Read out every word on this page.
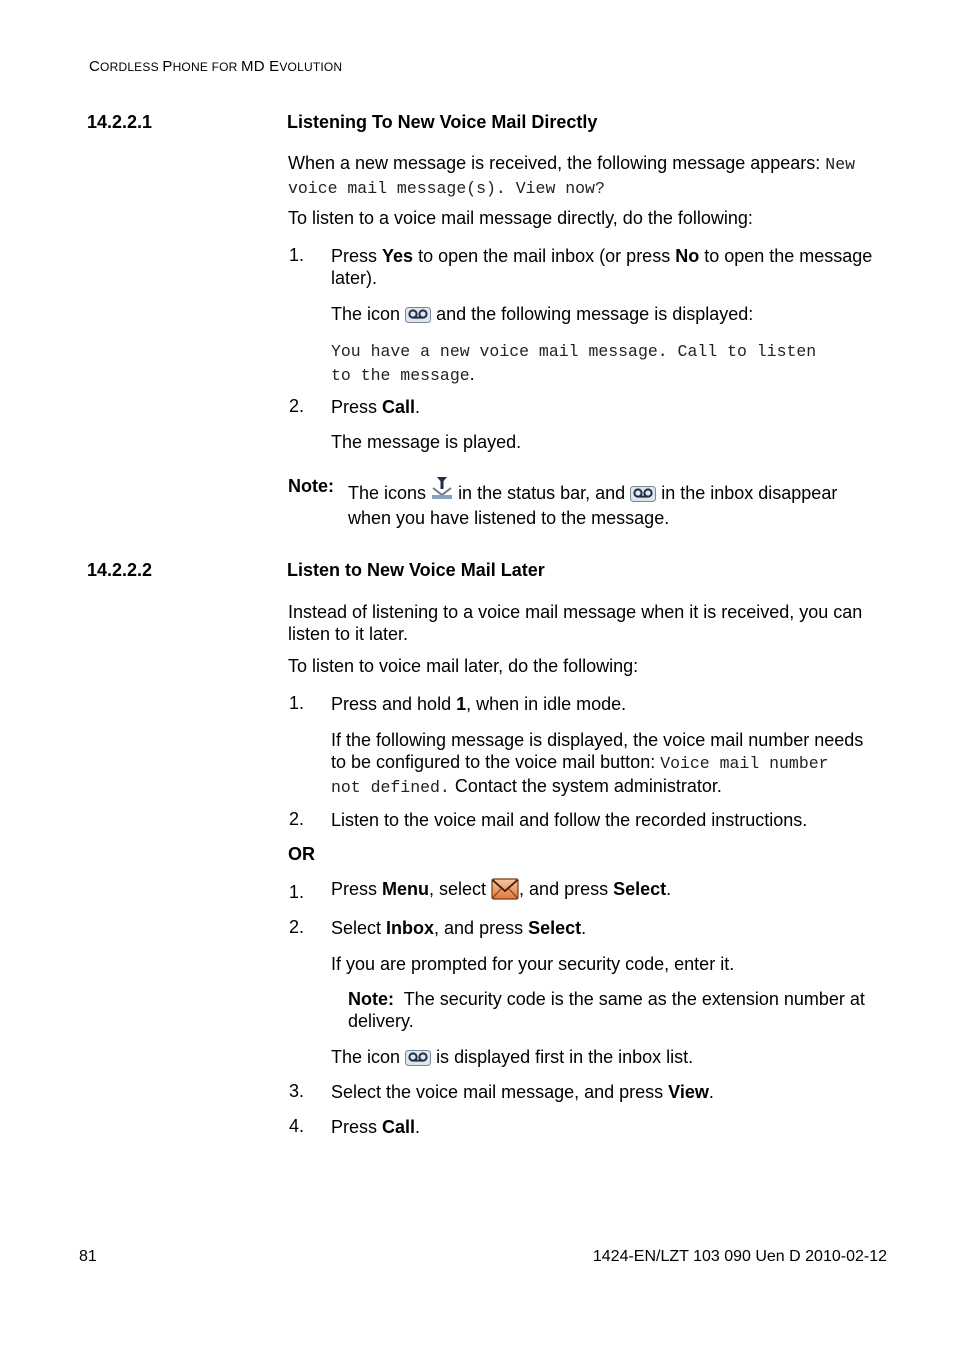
CORDLESS PHONE FOR MD EVOLUTION
14.2.2.1	Listening To New Voice Mail Directly
When a new message is received, the following message appears: New
voice mail message(s). View now?
To listen to a voice mail message directly, do the following:
1. Press Yes to open the mail inbox (or press No to open the message
later).
The icon  and the following message is displayed:
You have a new voice mail message. Call to listen
to the message.
2. Press Call.
The message is played.
Note: The icons  in the status bar, and  in the inbox disappear
when you have listened to the message.
14.2.2.2	Listen to New Voice Mail Later
Instead of listening to a voice mail message when it is received, you can
listen to it later.
To listen to voice mail later, do the following:
1. Press and hold 1, when in idle mode.
If the following message is displayed, the voice mail number needs
to be configured to the voice mail button: Voice mail number
not defined. Contact the system administrator.
2. Listen to the voice mail and follow the recorded instructions.
OR
1. Press Menu, select , and press Select.
2. Select Inbox, and press Select.
If you are prompted for your security code, enter it.
Note: The security code is the same as the extension number at
delivery.
The icon  is displayed first in the inbox list.
3. Select the voice mail message, and press View.
4. Press Call.
81	1424-EN/LZT 103 090 Uen D 2010-02-12
